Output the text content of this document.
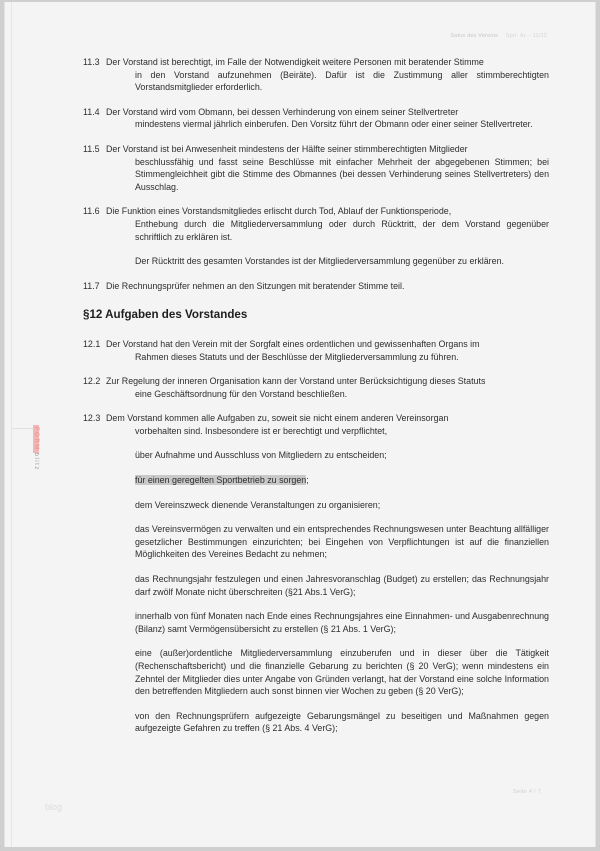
Satus des Vereins Sprt. Ar. - 11/12
FORMblitz
11.3 Der Vorstand ist berechtigt, im Falle der Notwendigkeit weitere Personen mit beratender Stimme
in den Vorstand aufzunehmen (Beiräte). Dafür ist die Zustimmung aller stimmberechtigten Vorstandsmitglieder erforderlich.
11.4 Der Vorstand wird vom Obmann, bei dessen Verhinderung von einem seiner Stellvertreter
mindestens viermal jährlich einberufen. Den Vorsitz führt der Obmann oder einer seiner Stellvertreter.
11.5 Der Vorstand ist bei Anwesenheit mindestens der Hälfte seiner stimmberechtigten Mitglieder
beschlussfähig und fasst seine Beschlüsse mit einfacher Mehrheit der abgegebenen Stimmen; bei Stimmengleichheit gibt die Stimme des Obmannes (bei dessen Verhinderung seines Stellvertreters) den Ausschlag.
11.6 Die Funktion eines Vorstandsmitgliedes erlischt durch Tod, Ablauf der Funktionsperiode,
Enthebung durch die Mitgliederversammlung oder durch Rücktritt, der dem Vorstand gegenüber schriftlich zu erklären ist.
Der Rücktritt des gesamten Vorstandes ist der Mitgliederversammlung gegenüber zu erklären.
11.7 Die Rechnungsprüfer nehmen an den Sitzungen mit beratender Stimme teil.
§12 Aufgaben des Vorstandes
12.1 Der Vorstand hat den Verein mit der Sorgfalt eines ordentlichen und gewissenhaften Organs im
Rahmen dieses Statuts und der Beschlüsse der Mitgliederversammlung zu führen.
12.2 Zur Regelung der inneren Organisation kann der Vorstand unter Berücksichtigung dieses Statuts
eine Geschäftsordnung für den Vorstand beschließen.
12.3 Dem Vorstand kommen alle Aufgaben zu, soweit sie nicht einem anderen Vereinsorgan
vorbehalten sind. Insbesondere ist er berechtigt und verpflichtet,
über Aufnahme und Ausschluss von Mitgliedern zu entscheiden;
für einen geregelten Sportbetrieb zu sorgen;
dem Vereinszweck dienende Veranstaltungen zu organisieren;
das Vereinsvermögen zu verwalten und ein entsprechendes Rechnungswesen unter Beachtung allfälliger gesetzlicher Bestimmungen einzurichten; bei Eingehen von Verpflichtungen ist auf die finanziellen Möglichkeiten des Vereines Bedacht zu nehmen;
das Rechnungsjahr festzulegen und einen Jahresvoranschlag (Budget) zu erstellen; das Rechnungsjahr darf zwölf Monate nicht überschreiten (§21 Abs.1 VerG);
innerhalb von fünf Monaten nach Ende eines Rechnungsjahres eine Einnahmen- und Ausgabenrechnung (Bilanz) samt Vermögensübersicht zu erstellen (§ 21 Abs. 1 VerG);
eine (außer)ordentliche Mitgliederversammlung einzuberufen und in dieser über die Tätigkeit (Rechenschaftsbericht) und die finanzielle Gebarung zu berichten (§ 20 VerG); wenn mindestens ein Zehntel der Mitglieder dies unter Angabe von Gründen verlangt, hat der Vorstand eine solche Information den betreffenden Mitgliedern auch sonst binnen vier Wochen zu geben (§ 20 VerG);
von den Rechnungsprüfern aufgezeigte Gebarungsmängel zu beseitigen und Maßnahmen gegen aufgezeigte Gefahren zu treffen (§ 21 Abs. 4 VerG);
Seite 4 / 7
blog
